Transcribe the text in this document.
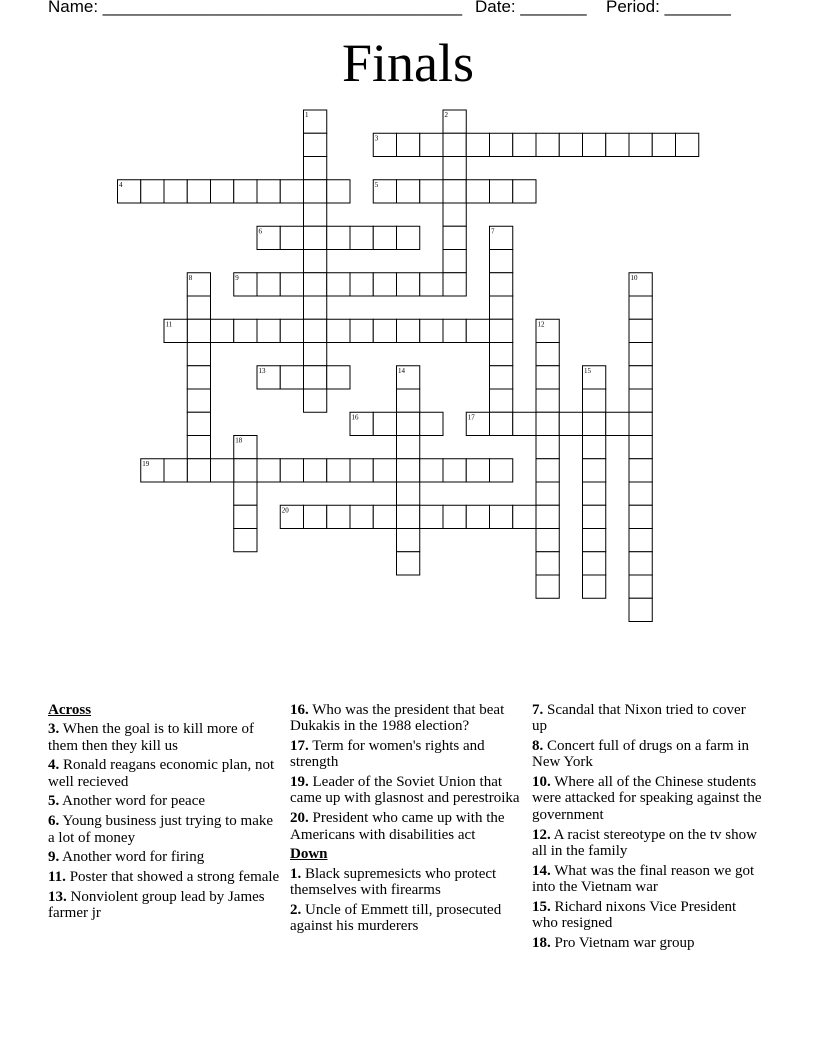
Name: ______________________________________ Date: _______ Period: _______
Finals
1	2
3
4	5
6	7
8	9	10
11	12
13	14	15
16	17
18
19
20
Across
3. When the goal is to kill more of them then they kill us
4. Ronald reagans economic plan, not well recieved
5. Another word for peace
6. Young business just trying to make a lot of money
9. Another word for firing
11. Poster that showed a strong female
13. Nonviolent group lead by James farmer jr
16. Who was the president that beat Dukakis in the 1988 election?
17. Term for women's rights and strength
19. Leader of the Soviet Union that came up with glasnost and perestroika
20. President who came up with the Americans with disabilities act
Down
1. Black supremesicts who protect themselves with firearms
2. Uncle of Emmett till, prosecuted against his murderers
7. Scandal that Nixon tried to cover up
8. Concert full of drugs on a farm in New York
10. Where all of the Chinese students were attacked for speaking against the government
12. A racist stereotype on the tv show all in the family
14. What was the final reason we got into the Vietnam war
15. Richard nixons Vice President who resigned
18. Pro Vietnam war group
